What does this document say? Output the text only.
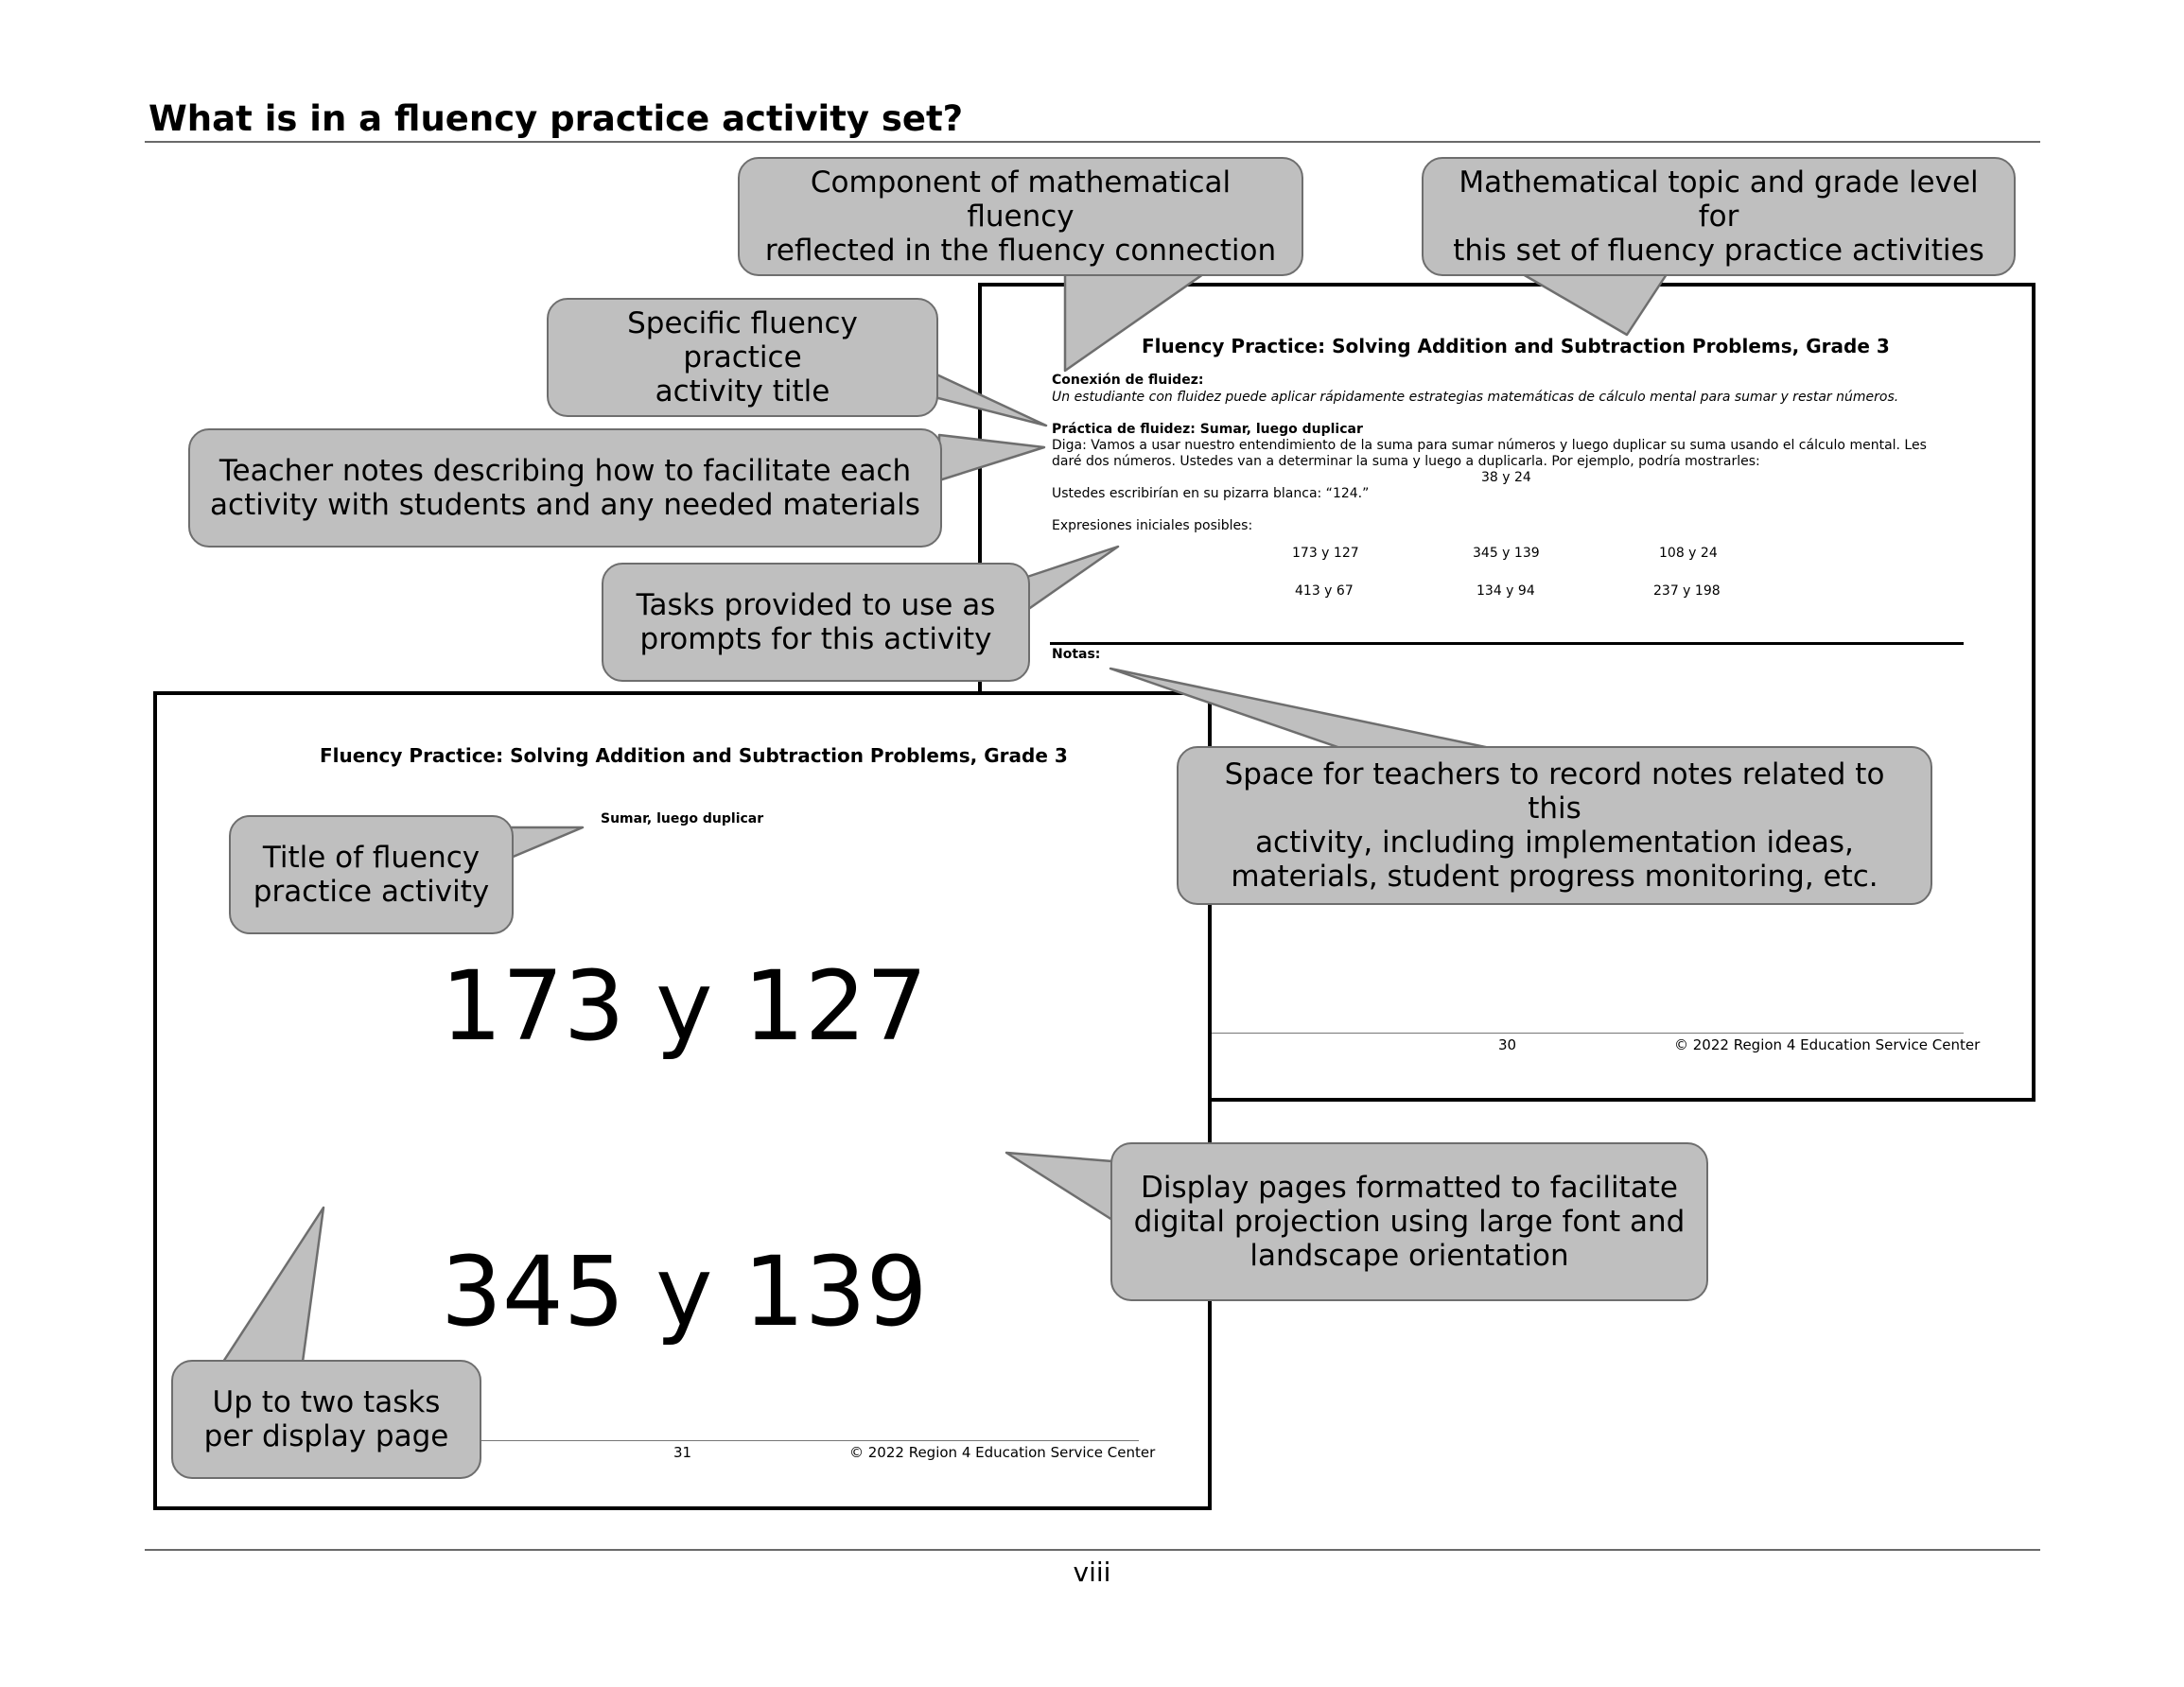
What is in a fluency practice activity set?
Fluency Practice: Solving Addition and Subtraction Problems, Grade 3
Conexión de fluidez:
Un estudiante con fluidez puede aplicar rápidamente estrategias matemáticas de cálculo mental para sumar y restar números.
Práctica de fluidez: Sumar, luego duplicar
Diga: Vamos a usar nuestro entendimiento de la suma para sumar números y luego duplicar su suma usando el cálculo mental. Les
daré dos números. Ustedes van a determinar la suma y luego a duplicarla. Por ejemplo, podría mostrarles:
38 y 24
Ustedes escribirían en su pizarra blanca: “124.”
Expresiones iniciales posibles:
173 y 127	345 y 139	108 y 24
413 y 67	134 y 94	237 y 198
Notas:
30	© 2022 Region 4 Education Service Center
Fluency Practice: Solving Addition and Subtraction Problems, Grade 3
Sumar, luego duplicar
173 y 127
345 y 139
31	© 2022 Region 4 Education Service Center
Component of mathematical fluency
reflected in the fluency connection
Mathematical topic and grade level for
this set of fluency practice activities
Specific fluency practice
activity title
Teacher notes describing how to facilitate each
activity with students and any needed materials
Tasks provided to use as
prompts for this activity
Space for teachers to record notes related to this
activity, including implementation ideas,
materials, student progress monitoring, etc.
Title of fluency
practice activity
Display pages formatted to facilitate
digital projection using large font and
landscape orientation
Up to two tasks
per display page
viii
